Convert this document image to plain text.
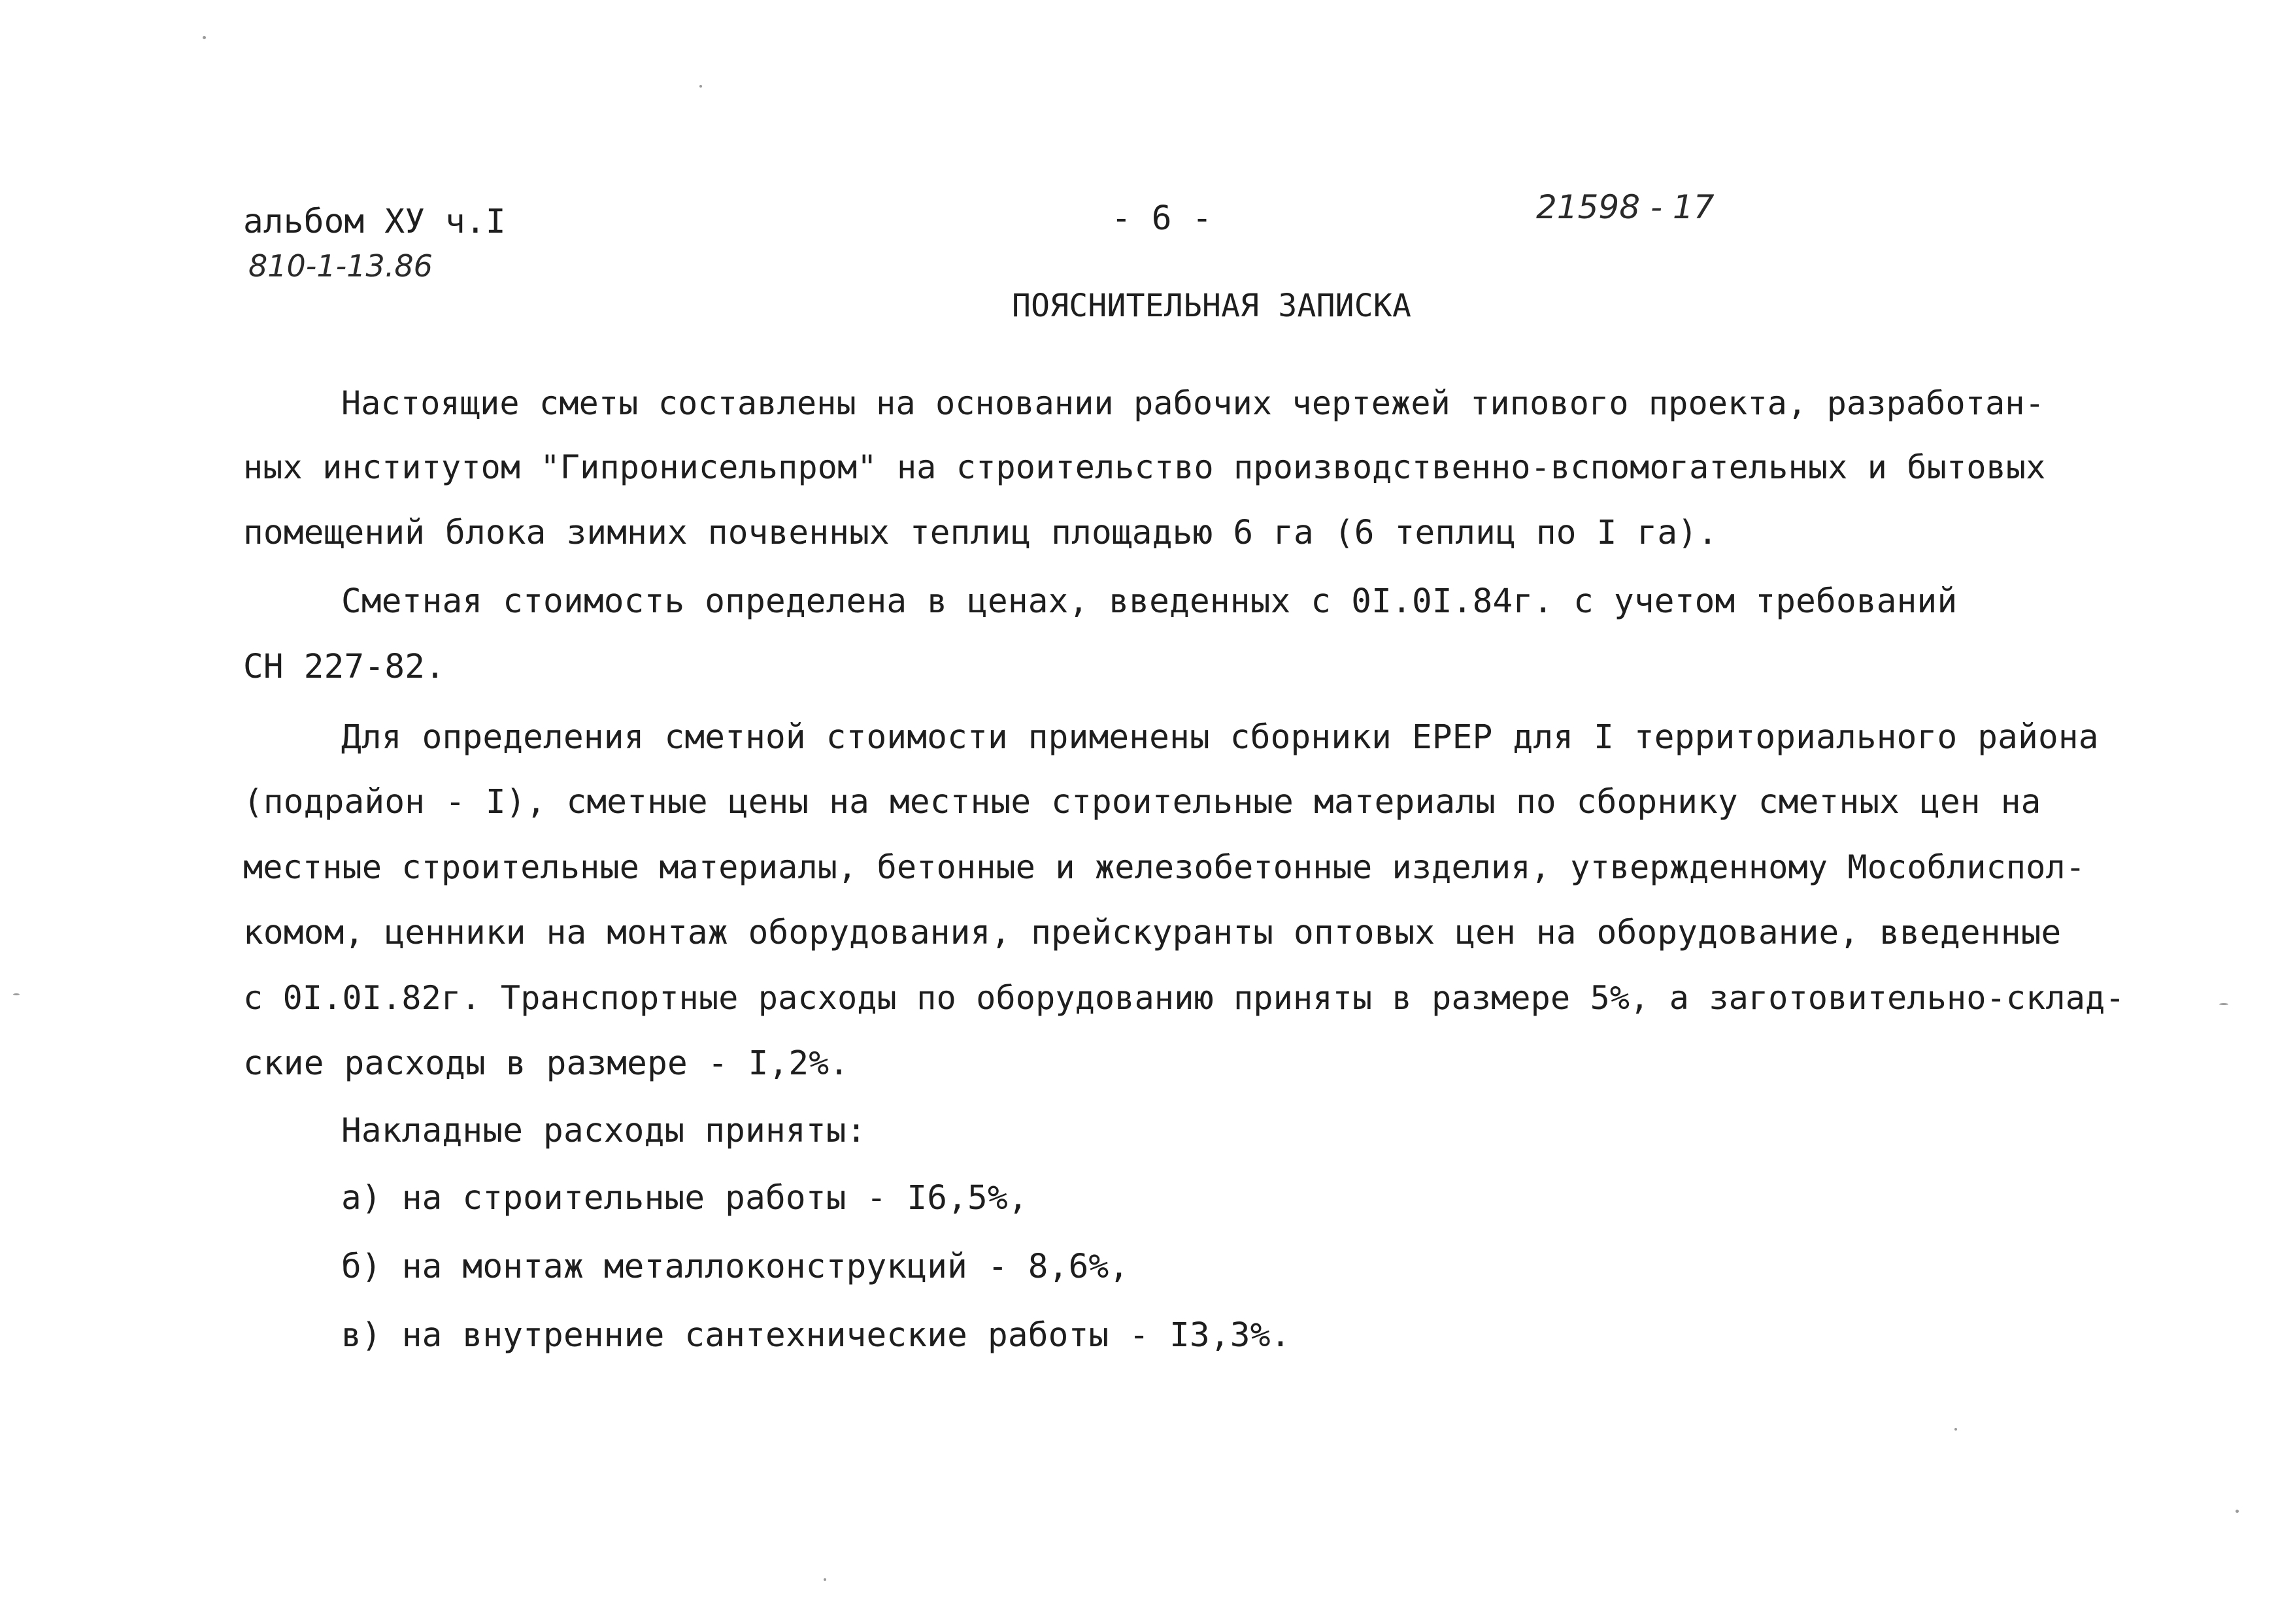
альбом ХУ ч.I
810-1-13.86
- 6 -	21598 - 17
ПОЯСНИТЕЛЬНАЯ ЗАПИСКА
Настоящие сметы составлены на основании рабочих чертежей типового проекта, разработан-
ных институтом "Гипронисельпром" на строительство производственно-вспомогательных и бытовых
помещений блока зимних почвенных теплиц площадью 6 га (6 теплиц по I га).
Сметная стоимость определена в ценах, введенных с 0I.0I.84г. с учетом требований
СН 227-82.
Для определения сметной стоимости применены сборники ЕРЕР для I территориального района
(подрайон - I), сметные цены на местные строительные материалы по сборнику сметных цен на
местные строительные материалы, бетонные и железобетонные изделия, утвержденному Мособлиспол-
комом, ценники на монтаж оборудования, прейскуранты оптовых цен на оборудование, введенные
с 0I.0I.82г. Транспортные расходы по оборудованию приняты в размере 5%, а заготовительно-склад-
ские расходы в размере - I,2%.
Накладные расходы приняты:
а) на строительные работы - I6,5%,
б) на монтаж металлоконструкций - 8,6%,
в) на внутренние сантехнические работы - I3,3%.
